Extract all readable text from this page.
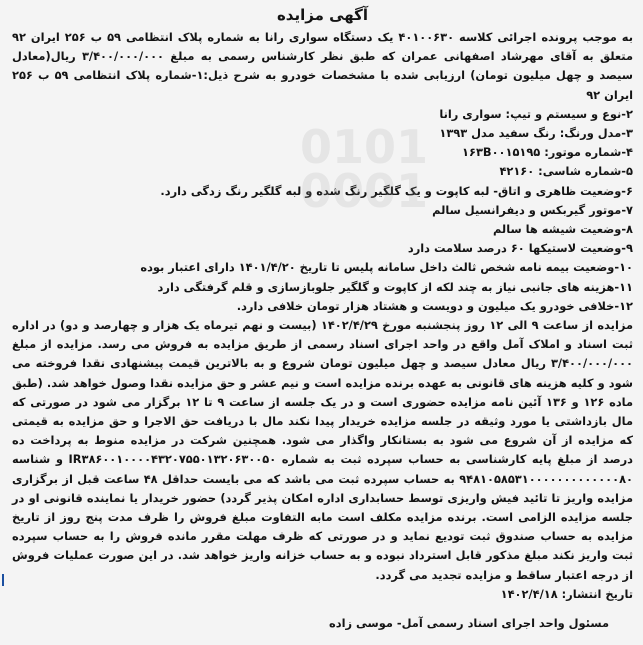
0101
0001
آگهی مزایده

به موجب پرونده اجرائی کلاسه ۴۰۱۰۰۶۳۰ یک دستگاه سواری رانا به شماره پلاک انتظامی ۵۹ ب ۲۵۶ ایران ۹۲ متعلق به آقای مهرشاد اصفهانی عمران که طبق نظر کارشناس رسمی به مبلغ ۳/۴۰۰/۰۰۰/۰۰۰ ریال(معادل سیصد و چهل میلیون تومان) ارزیابی شده با مشخصات خودرو به شرح ذیل:۱-شماره پلاک انتظامی ۵۹ ب ۲۵۶ ایران ۹۲

۲-نوع و سیستم و تیپ: سواری رانا
۳-مدل ورنگ: رنگ سفید مدل ۱۳۹۳
۴-شماره موتور: ۱۶۳B۰۰۱۵۱۹۵
۵-شماره شاسی: ۴۲۱۶۰
۶-وضعیت ظاهری و اتاق- لبه کاپوت و یک گلگیر رنگ شده و لبه گلگیر رنگ زدگی دارد.
۷-موتور گیربکس و دیفرانسیل سالم
۸-وضعیت شیشه ها سالم
۹-وضعیت لاستیکها ۶۰ درصد سلامت دارد
۱۰-وضعیت بیمه نامه شخص ثالث داخل سامانه پلیس تا تاریخ ۱۴۰۱/۴/۲۰ دارای اعتبار بوده
۱۱-هزینه های جانبی نیاز به چند لکه از کاپوت و گلگیر جلوبازسازی و قلم گرفتگی دارد
۱۲-خلافی خودرو یک میلیون و دویست و هشتاد هزار تومان خلافی دارد.

مزایده از ساعت ۹ الی ۱۲ روز پنجشنبه مورخ ۱۴۰۲/۴/۲۹ (بیست و نهم تیرماه یک هزار و چهارصد و دو) در اداره ثبت اسناد و املاک آمل واقع در واحد اجرای اسناد رسمی از طریق مزایده به فروش می رسد. مزایده از مبلغ ۳/۴۰۰/۰۰۰/۰۰۰ ریال معادل سیصد و چهل میلیون تومان شروع و به بالاترین قیمت پیشنهادی نقدا فروخته می شود و کلیه هزینه های قانونی به عهده برنده مزایده است و نیم عشر و حق مزایده نقدا وصول خواهد شد. (طبق ماده ۱۲۶ و ۱۳۶ آئین نامه مزایده حضوری است و در یک جلسه از ساعت ۹ تا ۱۲ برگزار می شود در صورتی که مال بازداشتی یا مورد وثیقه در جلسه مزایده خریدار پیدا نکند مال با دریافت حق الاجرا و حق مزایده به قیمتی که مزایده از آن شروع می شود به بستانکار واگذار می شود. همچنین شرکت در مزایده منوط به پرداخت ده درصد از مبلغ پایه کارشناسی به حساب سپرده ثبت به شماره IR۳۸۶۰۰۱۰۰۰۰۴۳۲۰۷۵۵۰۱۳۲۰۶۳۰۰۵۰ و شناسه ۹۴۸۱۰۵۸۵۳۱۰۰۰۰۰۰۰۰۰۰۰۰۰۸۰ به حساب سپرده ثبت می باشد که می بایست حداقل ۴۸ ساعت قبل از برگزاری مزایده واریز تا تائید فیش واریزی توسط حسابداری اداره امکان پذیر گردد) حضور خریدار یا نماینده قانونی او در جلسه مزایده الزامی است. برنده مزایده مکلف است مابه التفاوت مبلغ فروش را ظرف مدت پنج روز از تاریخ مزایده به حساب صندوق ثبت تودیع نماید و در صورتی که ظرف مهلت مقرر مانده فروش را به حساب سپرده ثبت واریز نکند مبلغ مذکور قابل استرداد نبوده و به حساب خزانه واریز خواهد شد. در این صورت عملیات فروش از درجه اعتبار ساقط و مزایده تجدید می گردد.

تاریخ انتشار: ۱۴۰۲/۴/۱۸
مسئول واحد اجرای اسناد رسمی آمل- موسی زاده
